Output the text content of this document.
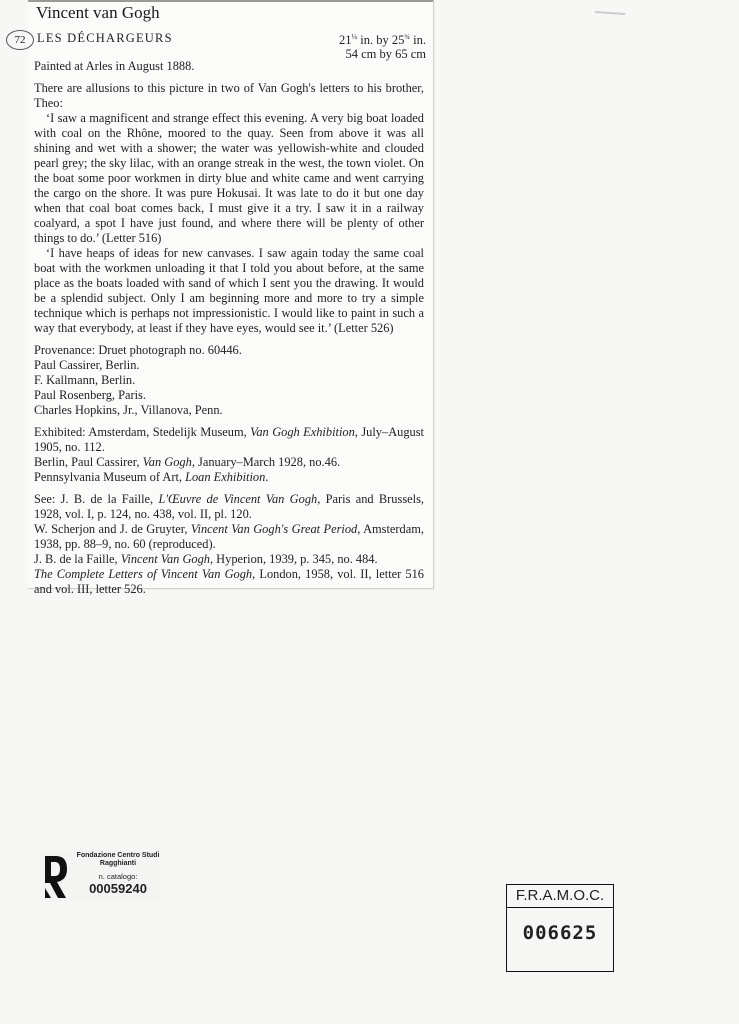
Vincent van Gogh
72 LES DÉCHARGEURS	$21^{\frac{1}{4}}$ in. by $25^{\frac{3}{4}}$ in.
54 cm by 65 cm

Painted at Arles in August 1888.

There are allusions to this picture in two of Van Gogh's letters to his brother, Theo:

‘I saw a magnificent and strange effect this evening. A very big boat loaded with coal on the Rhône, moored to the quay. Seen from above it was all shining and wet with a shower; the water was yellowish-white and clouded pearl grey; the sky lilac, with an orange streak in the west, the town violet. On the boat some poor workmen in dirty blue and white came and went carrying the cargo on the shore. It was pure Hokusai. It was late to do it but one day when that coal boat comes back, I must give it a try. I saw it in a railway coalyard, a spot I have just found, and where there will be plenty of other things to do.’ (Letter 516)

‘I have heaps of ideas for new canvases. I saw again today the same coal boat with the workmen unloading it that I told you about before, at the same place as the boats loaded with sand of which I sent you the drawing. It would be a splendid subject. Only I am beginning more and more to try a simple technique which is perhaps not impressionistic. I would like to paint in such a way that everybody, at least if they have eyes, would see it.’ (Letter 526)

Provenance: Druet photograph no. 60446.

Paul Cassirer, Berlin.

F. Kallmann, Berlin.

Paul Rosenberg, Paris.

Charles Hopkins, Jr., Villanova, Penn.

Exhibited: Amsterdam, Stedelijk Museum, Van Gogh Exhibition, July–August 1905, no. 112.

Berlin, Paul Cassirer, Van Gogh, January–March 1928, no.46.

Pennsylvania Museum of Art, Loan Exhibition.

See: J. B. de la Faille, L'Œuvre de Vincent Van Gogh, Paris and Brussels, 1928, vol. I, p. 124, no. 438, vol. II, pl. 120.

W. Scherjon and J. de Gruyter, Vincent Van Gogh's Great Period, Amsterdam, 1938, pp. 88–9, no. 60 (reproduced).

J. B. de la Faille, Vincent Van Gogh, Hyperion, 1939, p. 345, no. 484.

The Complete Letters of Vincent Van Gogh, London, 1958, vol. II, letter 516 and vol. III, letter 526.

Fondazione Centro Studi Ragghianti
n. catalogo:
00059240	F.R.A.M.O.C.
006625
